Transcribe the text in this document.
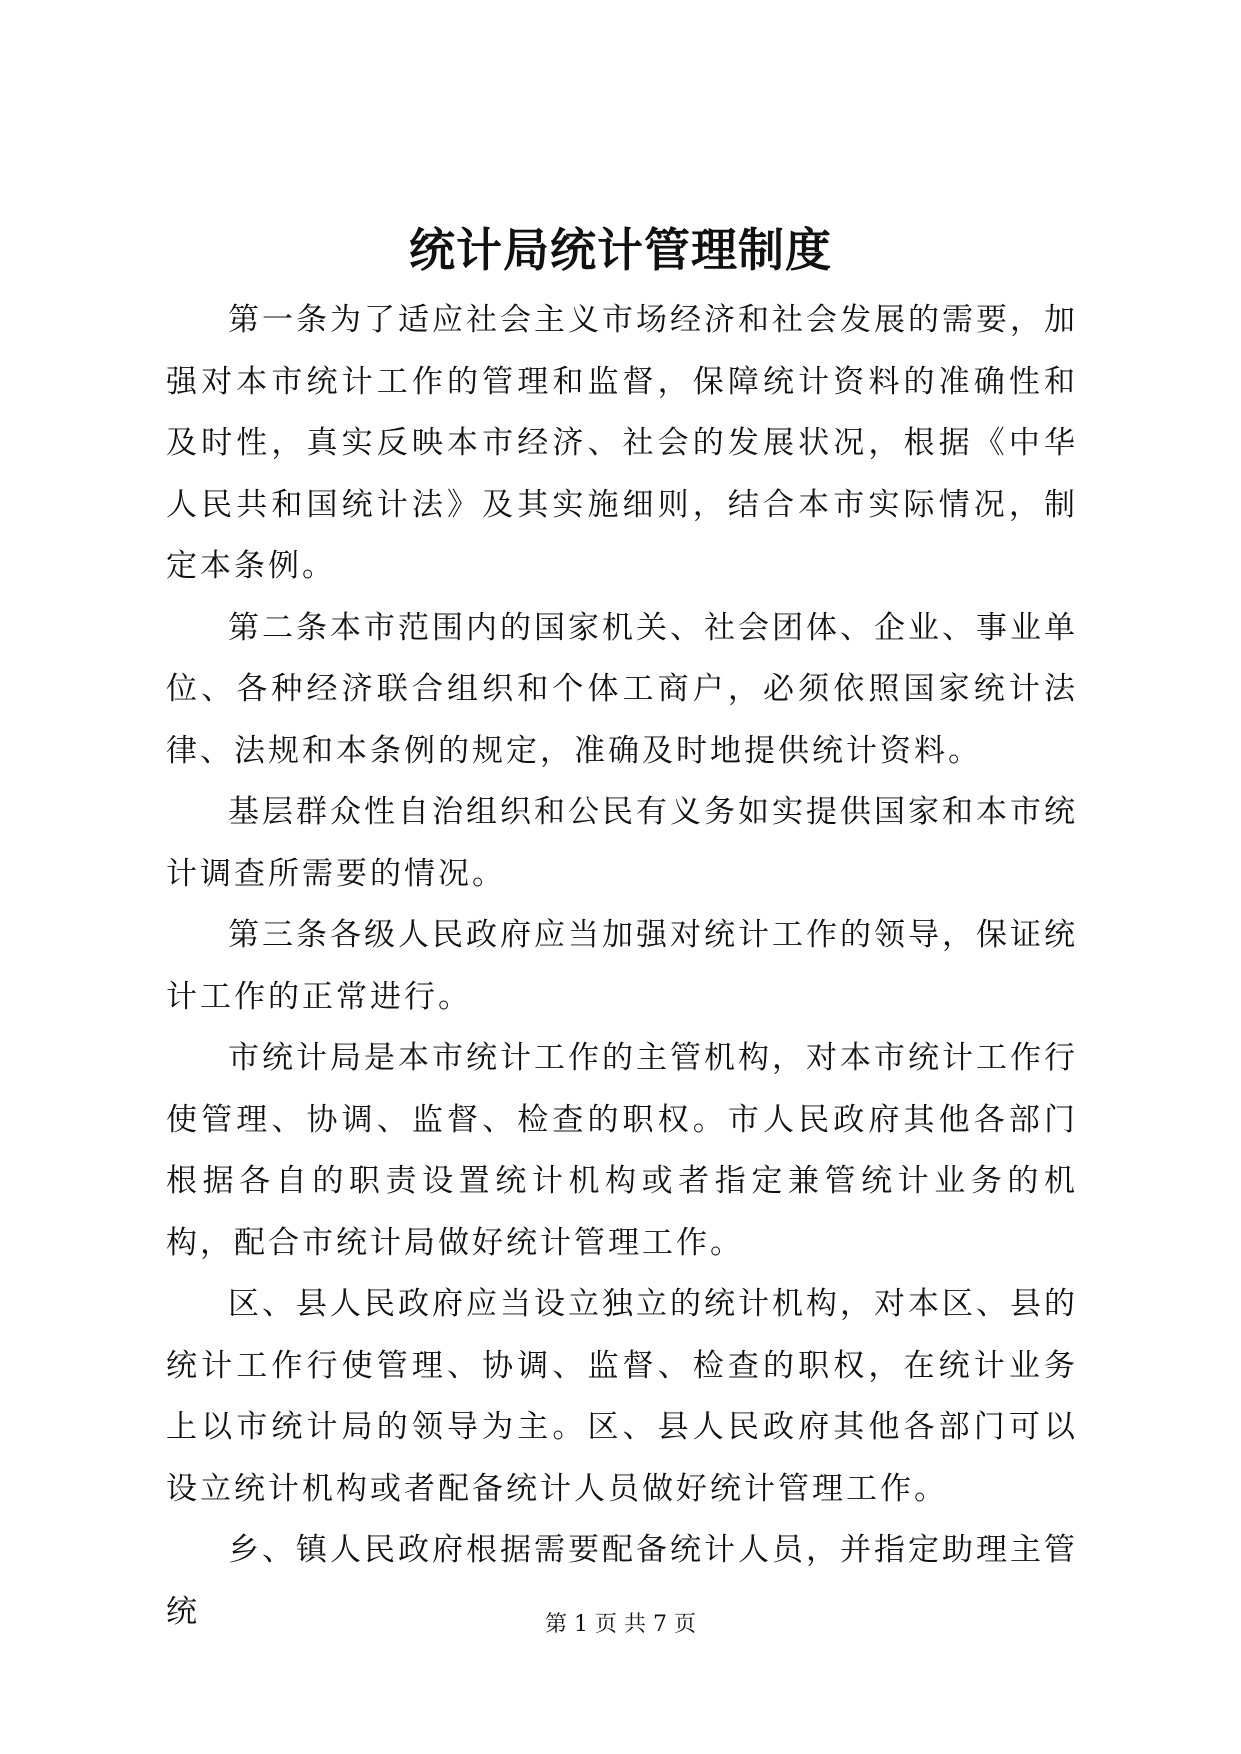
统计局统计管理制度

第一条为了适应社会主义市场经济和社会发展的需要，加强对本市统计工作的管理和监督，保障统计资料的准确性和及时性，真实反映本市经济、社会的发展状况，根据《中华人民共和国统计法》及其实施细则，结合本市实际情况，制定本条例。

第二条本市范围内的国家机关、社会团体、企业、事业单位、各种经济联合组织和个体工商户，必须依照国家统计法律、法规和本条例的规定，准确及时地提供统计资料。

基层群众性自治组织和公民有义务如实提供国家和本市统计调查所需要的情况。

第三条各级人民政府应当加强对统计工作的领导，保证统计工作的正常进行。

市统计局是本市统计工作的主管机构，对本市统计工作行使管理、协调、监督、检查的职权。市人民政府其他各部门根据各自的职责设置统计机构或者指定兼管统计业务的机构，配合市统计局做好统计管理工作。

区、县人民政府应当设立独立的统计机构，对本区、县的统计工作行使管理、协调、监督、检查的职权，在统计业务上以市统计局的领导为主。区、县人民政府其他各部门可以设立统计机构或者配备统计人员做好统计管理工作。

乡、镇人民政府根据需要配备统计人员，并指定助理主管统	第 1 页 共 7 页
